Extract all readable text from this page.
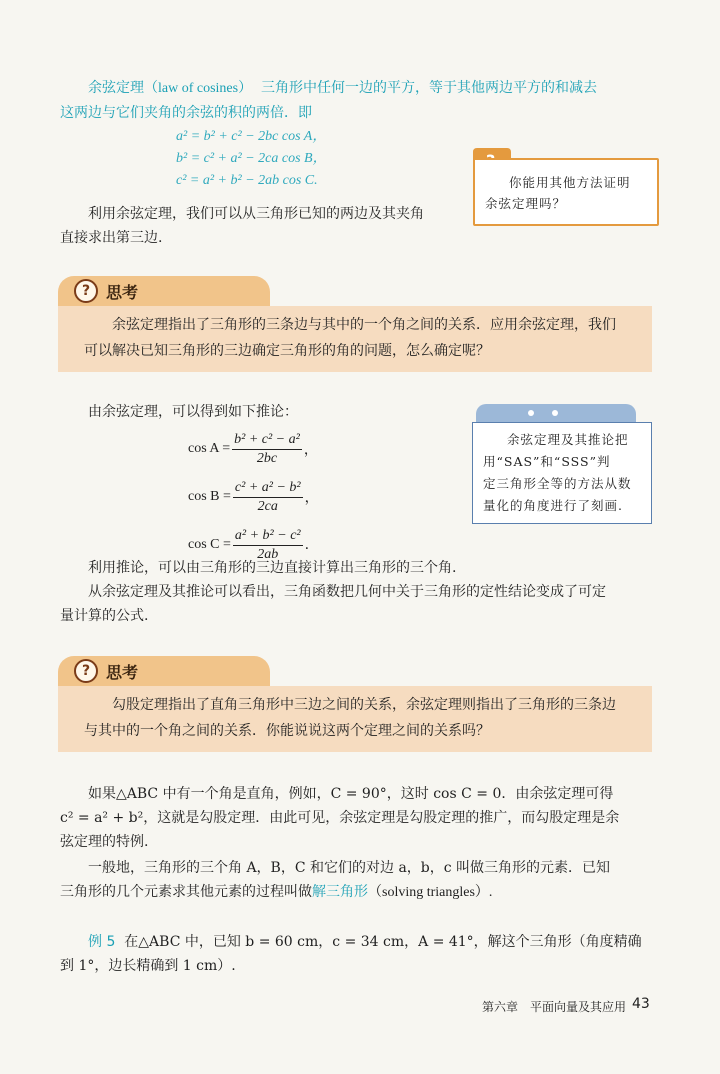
余弦定理（law of cosines） 三角形中任何一边的平方，等于其他两边平方的和减去
这两边与它们夹角的余弦的积的两倍．即
a² = b² + c² − 2bc cos A，
b² = c² + a² − 2ca cos B，
c² = a² + b² − 2ab cos C.	你能用其他方法证明
余弦定理吗？
利用余弦定理，我们可以从三角形已知的两边及其夹角
直接求出第三边.
? 思考
余弦定理指出了三角形的三条边与其中的一个角之间的关系．应用余弦定理，我们可以解决已知三角形的三边确定三角形的角的问题，怎么确定呢？
由余弦定理，可以得到如下推论：
$\cos A = \frac{\text{b² + c² − a²}}{2bc}$ ，
$\cos B = \frac{\text{c² + a² − b²}}{2ca}$ ，
$\cos C = \frac{\text{a² + b² − c²}}{2ab}$ .
余弦定理及其推论把
用“SAS”和“SSS”判
定三角形全等的方法从数
量化的角度进行了刻画.
利用推论，可以由三角形的三边直接计算出三角形的三个角.
从余弦定理及其推论可以看出，三角函数把几何中关于三角形的定性结论变成了可定
量计算的公式.
? 思考
勾股定理指出了直角三角形中三边之间的关系，余弦定理则指出了三角形的三条边与其中的一个角之间的关系．你能说说这两个定理之间的关系吗？
如果△ABC 中有一个角是直角，例如，C = 90°，这时 cos C = 0．由余弦定理可得
c² = a² + b²，这就是勾股定理．由此可见，余弦定理是勾股定理的推广，而勾股定理是余
弦定理的特例.
一般地，三角形的三个角 A，B，C 和它们的对边 a，b，c 叫做三角形的元素．已知
三角形的几个元素求其他元素的过程叫做解三角形（solving triangles）.
例 5 在△ABC 中，已知 b = 60 cm，c = 34 cm，A = 41°，解这个三角形（角度精确
到 1°，边长精确到 1 cm）.
第六章　平面向量及其应用 43
